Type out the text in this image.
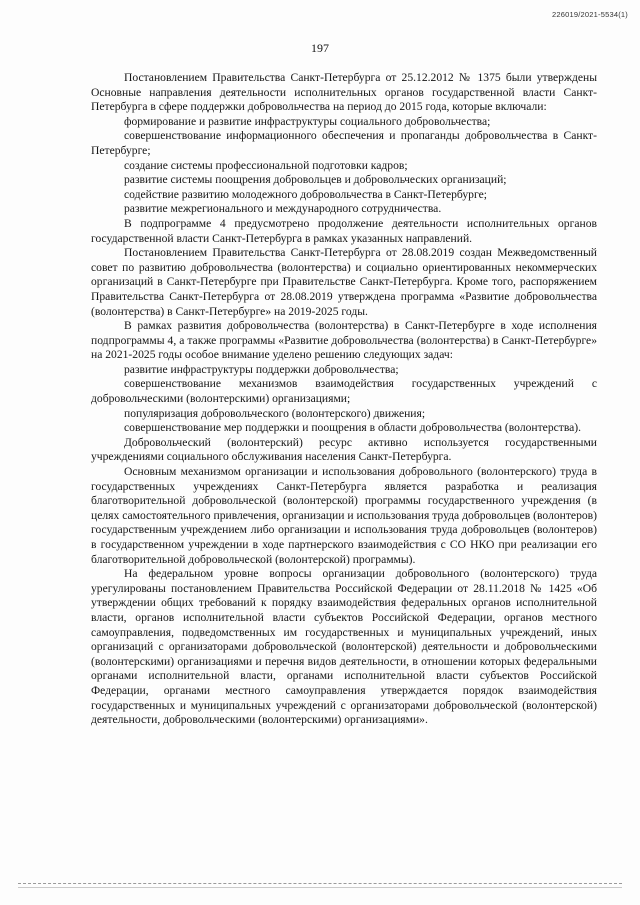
226019/2021-5534(1)
197

Постановлением Правительства Санкт-Петербурга от 25.12.2012 № 1375 были утверждены Основные направления деятельности исполнительных органов государственной власти Санкт-Петербурга в сфере поддержки добровольчества на период до 2015 года, которые включали:

формирование и развитие инфраструктуры социального добровольчества;

совершенствование информационного обеспечения и пропаганды добровольчества в Санкт-Петербурге;

создание системы профессиональной подготовки кадров;

развитие системы поощрения добровольцев и добровольческих организаций;

содействие развитию молодежного добровольчества в Санкт-Петербурге;

развитие межрегионального и международного сотрудничества.

В подпрограмме 4 предусмотрено продолжение деятельности исполнительных органов государственной власти Санкт-Петербурга в рамках указанных направлений.

Постановлением Правительства Санкт-Петербурга от 28.08.2019 создан Межведомственный совет по развитию добровольчества (волонтерства) и социально ориентированных некоммерческих организаций в Санкт-Петербурге при Правительстве Санкт-Петербурга. Кроме того, распоряжением Правительства Санкт-Петербурга от 28.08.2019 утверждена программа «Развитие добровольчества (волонтерства) в Санкт-Петербурге» на 2019-2025 годы.

В рамках развития добровольчества (волонтерства) в Санкт-Петербурге в ходе исполнения подпрограммы 4, а также программы «Развитие добровольчества (волонтерства) в Санкт-Петербурге» на 2021-2025 годы особое внимание уделено решению следующих задач:

развитие инфраструктуры поддержки добровольчества;

совершенствование механизмов взаимодействия государственных учреждений с добровольческими (волонтерскими) организациями;

популяризация добровольческого (волонтерского) движения;

совершенствование мер поддержки и поощрения в области добровольчества (волонтерства).

Добровольческий (волонтерский) ресурс активно используется государственными учреждениями социального обслуживания населения Санкт-Петербурга.

Основным механизмом организации и использования добровольного (волонтерского) труда в государственных учреждениях Санкт-Петербурга является разработка и реализация благотворительной добровольческой (волонтерской) программы государственного учреждения (в целях самостоятельного привлечения, организации и использования труда добровольцев (волонтеров) государственным учреждением либо организации и использования труда добровольцев (волонтеров) в государственном учреждении в ходе партнерского взаимодействия с СО НКО при реализации его благотворительной добровольческой (волонтерской) программы).

На федеральном уровне вопросы организации добровольного (волонтерского) труда урегулированы постановлением Правительства Российской Федерации от 28.11.2018 № 1425 «Об утверждении общих требований к порядку взаимодействия федеральных органов исполнительной власти, органов исполнительной власти субъектов Российской Федерации, органов местного самоуправления, подведомственных им государственных и муниципальных учреждений, иных организаций с организаторами добровольческой (волонтерской) деятельности и добровольческими (волонтерскими) организациями и перечня видов деятельности, в отношении которых федеральными органами исполнительной власти, органами исполнительной власти субъектов Российской Федерации, органами местного самоуправления утверждается порядок взаимодействия государственных и муниципальных учреждений с организаторами добровольческой (волонтерской) деятельности, добровольческими (волонтерскими) организациями».
